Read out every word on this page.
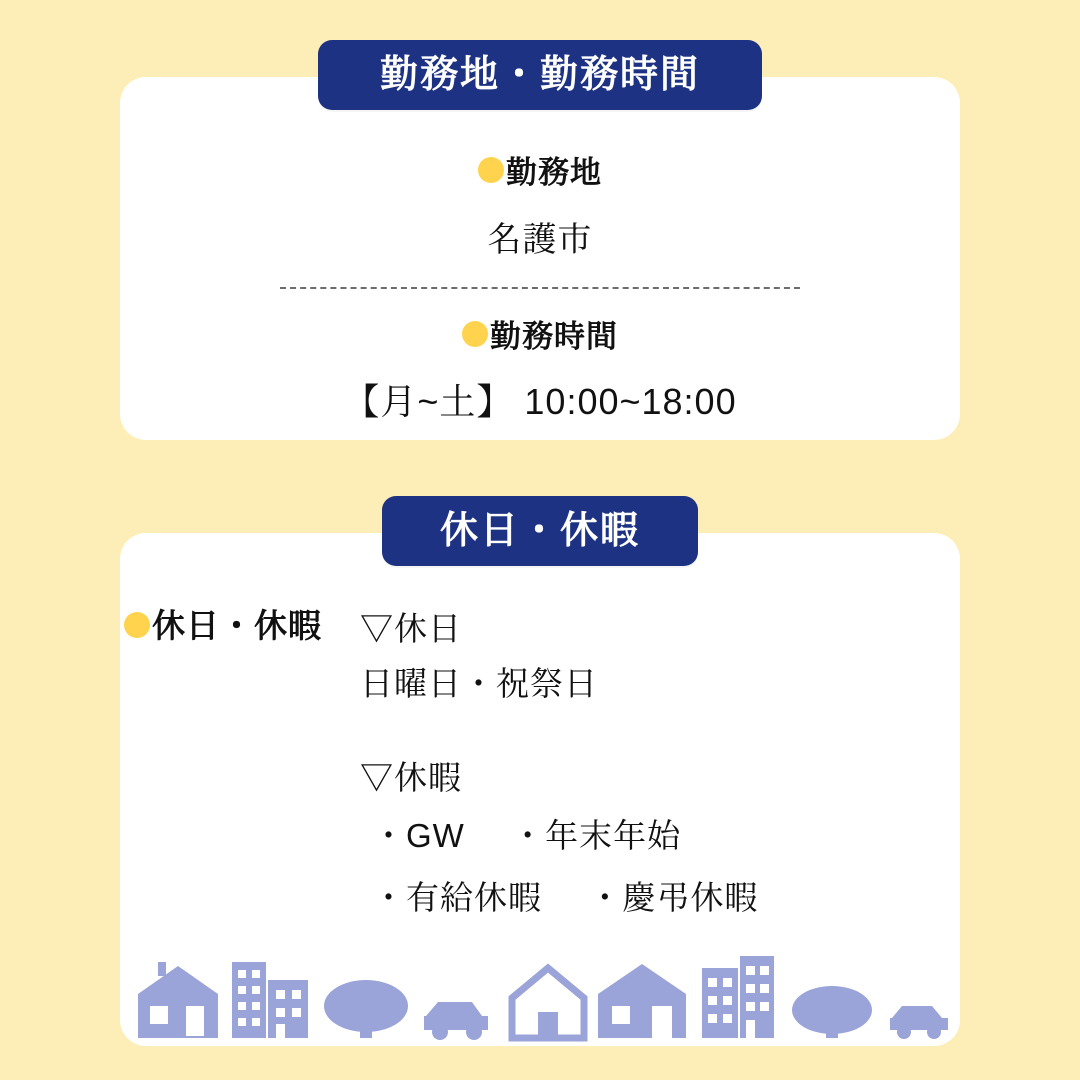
勤務地
名護市
勤務時間
【月~土】 10:00~18:00
勤務地・勤務時間
休日・休暇 ▽休日
日曜日・祝祭日
▽休暇
・GW ・年末年始
・有給休暇 ・慶弔休暇
休日・休暇
